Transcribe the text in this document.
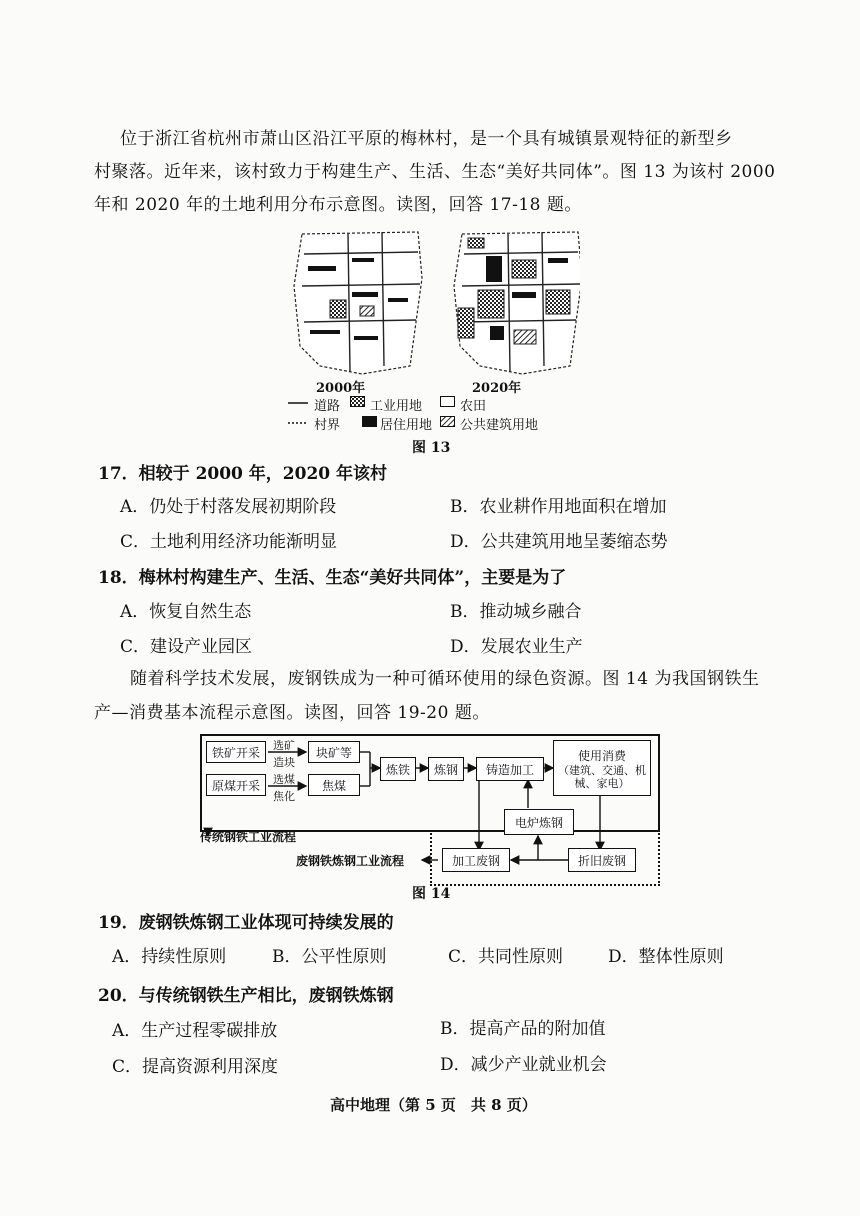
位于浙江省杭州市萧山区沿江平原的梅林村，是一个具有城镇景观特征的新型乡
村聚落。近年来，该村致力于构建生产、生活、生态“美好共同体”。图 13 为该村 2000
年和 2020 年的土地利用分布示意图。读图，回答 17-18 题。
2000年	2020年
道路 工业用地	农田
村界	居住用地 公共建筑用地
图 13
17．相较于 2000 年，2020 年该村
A．仍处于村落发展初期阶段	B．农业耕作用地面积在增加
C．土地利用经济功能渐明显	D．公共建筑用地呈萎缩态势
18．梅林村构建生产、生活、生态“美好共同体”，主要是为了
A．恢复自然生态	B．推动城乡融合
C．建设产业园区	D．发展农业生产
随着科学技术发展，废钢铁成为一种可循环使用的绿色资源。图 14 为我国钢铁生
产—消费基本流程示意图。读图，回答 19-20 题。
铁矿开采
原煤开采
选矿
造块
选煤
焦化
块矿等
焦煤
炼铁	炼钢	铸造加工
使用消费
（建筑、交通、机械、家电）
电炉炼钢
加工废钢	折旧废钢
传统钢铁工业流程
废钢铁炼钢工业流程
图 14
19．废钢铁炼钢工业体现可持续发展的
A．持续性原则	B．公平性原则	C．共同性原则	D．整体性原则
20．与传统钢铁生产相比，废钢铁炼钢
A．生产过程零碳排放	B．提高产品的附加值
C．提高资源利用深度	D．减少产业就业机会
高中地理（第 5 页　共 8 页）
